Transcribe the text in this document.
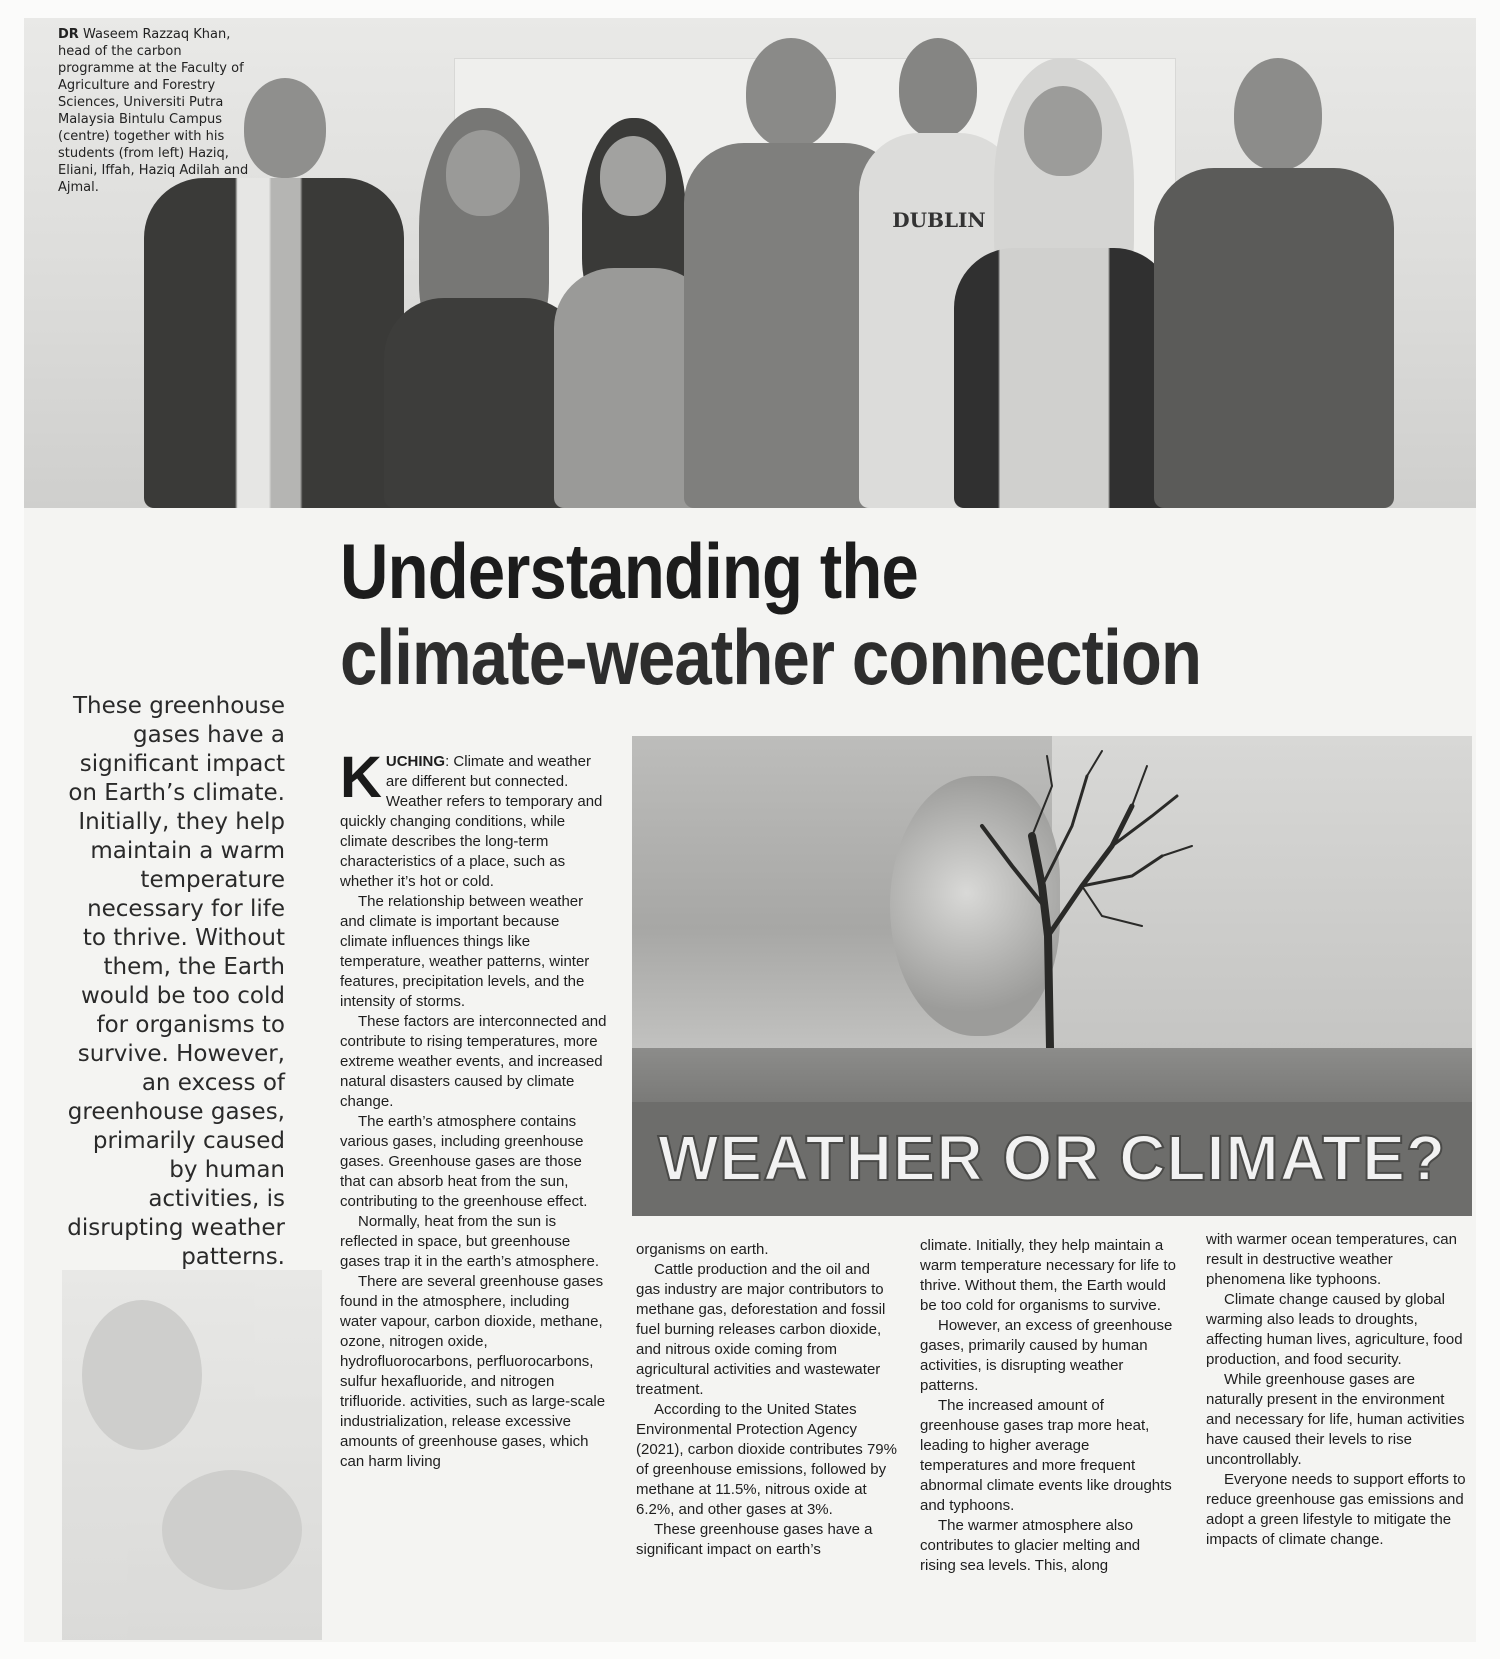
DUBLIN
DR Waseem Razzaq Khan, head of the carbon programme at the Faculty of Agriculture and Forestry Sciences, Universiti Putra Malaysia Bintulu Campus (centre) together with his students (from left) Haziq, Eliani, Iffah, Haziq Adilah and Ajmal.
Understanding the
climate-weather connection
These greenhouse gases have a significant impact on Earth’s climate. Initially, they help maintain a warm temperature necessary for life to thrive. Without them, the Earth would be too cold for organisms to survive. However, an excess of greenhouse gases, primarily caused by human activities, is disrupting weather patterns.
WEATHER OR CLIMATE?

KUCHING: Climate and weather are different but connected. Weather refers to temporary and quickly changing conditions, while climate describes the long-term characteristics of a place, such as whether it’s hot or cold.

The relationship between weather and climate is important because climate influences things like temperature, weather patterns, winter features, precipitation levels, and the intensity of storms.

These factors are interconnected and contribute to rising temperatures, more extreme weather events, and increased natural disasters caused by climate change.

The earth’s atmosphere contains various gases, including greenhouse gases. Greenhouse gases are those that can absorb heat from the sun, contributing to the greenhouse effect.

Normally, heat from the sun is reflected in space, but greenhouse gases trap it in the earth’s atmosphere.

There are several greenhouse gases found in the atmosphere, including water vapour, carbon dioxide, methane, ozone, nitrogen oxide, hydrofluorocarbons, perfluorocarbons, sulfur hexafluoride, and nitrogen trifluoride. activities, such as large-scale industrialization, release excessive amounts of greenhouse gases, which can harm living

organisms on earth.

Cattle production and the oil and gas industry are major contributors to methane gas, deforestation and fossil fuel burning releases carbon dioxide, and nitrous oxide coming from agricultural activities and wastewater treatment.

According to the United States Environmental Protection Agency (2021), carbon dioxide contributes 79% of greenhouse emissions, followed by methane at 11.5%, nitrous oxide at 6.2%, and other gases at 3%.

These greenhouse gases have a significant impact on earth’s

climate. Initially, they help maintain a warm temperature necessary for life to thrive. Without them, the Earth would be too cold for organisms to survive.

However, an excess of greenhouse gases, primarily caused by human activities, is disrupting weather patterns.

The increased amount of greenhouse gases trap more heat, leading to higher average temperatures and more frequent abnormal climate events like droughts and typhoons.

The warmer atmosphere also contributes to glacier melting and rising sea levels. This, along

with warmer ocean temperatures, can result in destructive weather phenomena like typhoons.

Climate change caused by global warming also leads to droughts, affecting human lives, agriculture, food production, and food security.

While greenhouse gases are naturally present in the environment and necessary for life, human activities have caused their levels to rise uncontrollably.

Everyone needs to support efforts to reduce greenhouse gas emissions and adopt a green lifestyle to mitigate the impacts of climate change.
